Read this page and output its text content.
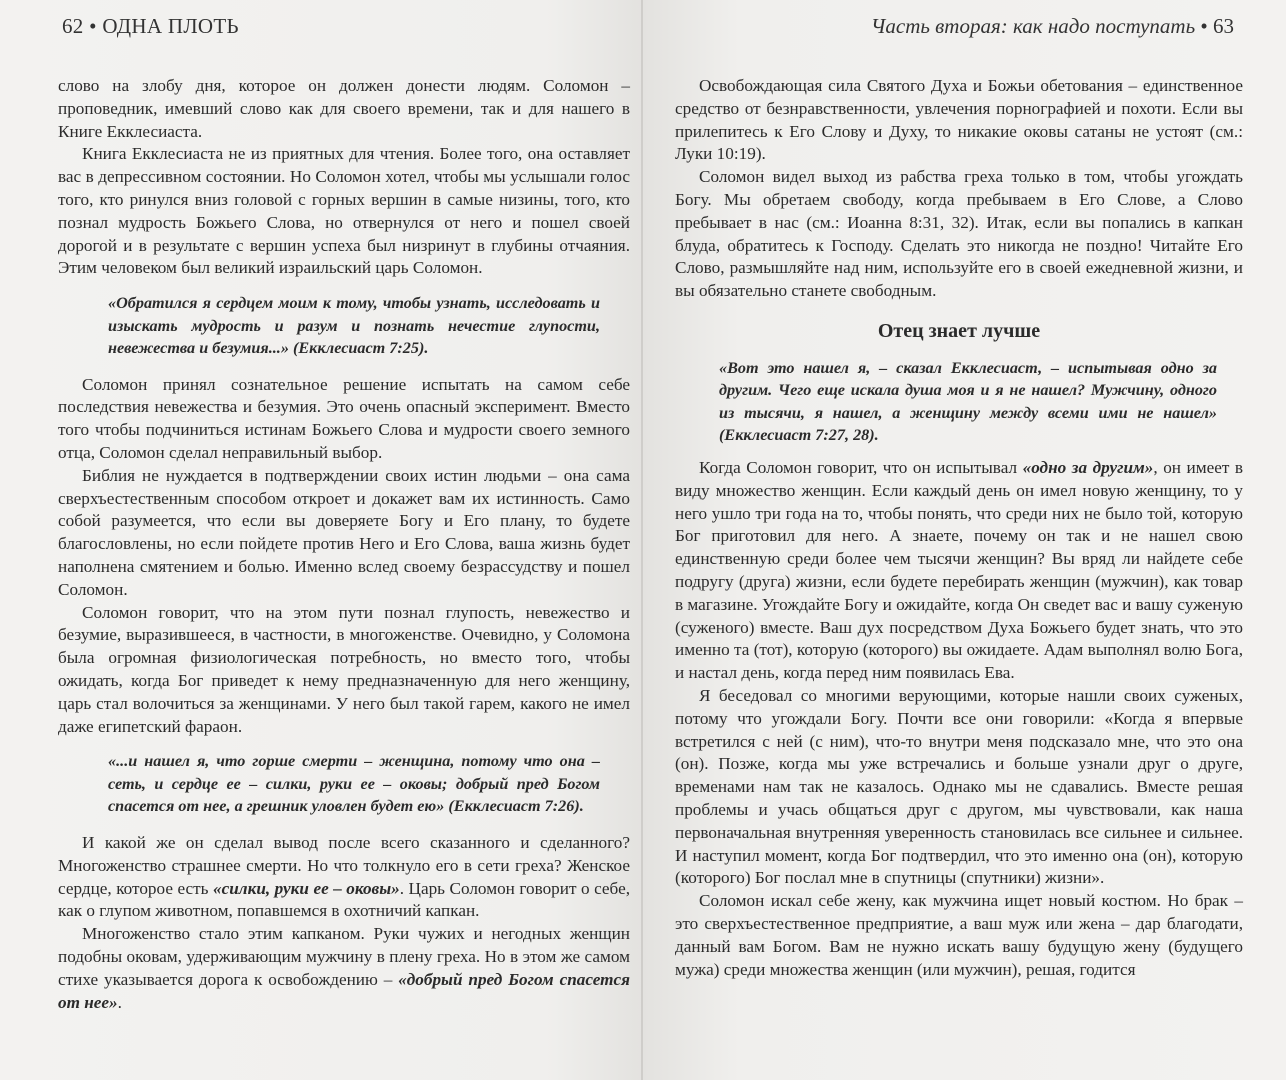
62 • ОДНА ПЛОТЬ

слово на злобу дня, которое он должен донести людям. Соломон – проповедник, имевший слово как для своего времени, так и для нашего в Книге Екклесиаста.

Книга Екклесиаста не из приятных для чтения. Более того, она оставляет вас в депрессивном состоянии. Но Соломон хотел, чтобы мы услышали голос того, кто ринулся вниз головой с горных вершин в самые низины, того, кто познал мудрость Божьего Слова, но отвернулся от него и пошел своей дорогой и в результате с вершин успеха был низринут в глубины отчаяния. Этим человеком был великий израильский царь Соломон.

«Обратился я сердцем моим к тому, чтобы узнать, исследовать и изыскать мудрость и разум и познать нечестие глупости, невежества и безумия...» (Екклесиаст 7:25).

Соломон принял сознательное решение испытать на самом себе последствия невежества и безумия. Это очень опасный эксперимент. Вместо того чтобы подчиниться истинам Божьего Слова и мудрости своего земного отца, Соломон сделал неправильный выбор.

Библия не нуждается в подтверждении своих истин людьми – она сама сверхъестественным способом откроет и докажет вам их истинность. Само собой разумеется, что если вы доверяете Богу и Его плану, то будете благословлены, но если пойдете против Него и Его Слова, ваша жизнь будет наполнена смятением и болью. Именно вслед своему безрассудству и пошел Соломон.

Соломон говорит, что на этом пути познал глупость, невежество и безумие, выразившееся, в частности, в многоженстве. Очевидно, у Соломона была огромная физиологическая потребность, но вместо того, чтобы ожидать, когда Бог приведет к нему предназначенную для него женщину, царь стал волочиться за женщинами. У него был такой гарем, какого не имел даже египетский фараон.

«...и нашел я, что горше смерти – женщина, потому что она – сеть, и сердце ее – силки, руки ее – оковы; добрый пред Богом спасется от нее, а грешник уловлен будет ею» (Екклесиаст 7:26).

И какой же он сделал вывод после всего сказанного и сделанного? Многоженство страшнее смерти. Но что толкнуло его в сети греха? Женское сердце, которое есть «силки, руки ее – оковы». Царь Соломон говорит о себе, как о глупом животном, попавшемся в охотничий капкан.

Многоженство стало этим капканом. Руки чужих и негодных женщин подобны оковам, удерживающим мужчину в плену греха. Но в этом же самом стихе указывается дорога к освобождению – «добрый пред Богом спасется от нее».

Часть вторая: как надо поступать • 63

Освобождающая сила Святого Духа и Божьи обетования – единственное средство от безнравственности, увлечения порнографией и похоти. Если вы прилепитесь к Его Слову и Духу, то никакие оковы сатаны не устоят (см.: Луки 10:19).

Соломон видел выход из рабства греха только в том, чтобы угождать Богу. Мы обретаем свободу, когда пребываем в Его Слове, а Слово пребывает в нас (см.: Иоанна 8:31, 32). Итак, если вы попались в капкан блуда, обратитесь к Господу. Сделать это никогда не поздно! Читайте Его Слово, размышляйте над ним, используйте его в своей ежедневной жизни, и вы обязательно станете свободным.

Отец знает лучше
«Вот это нашел я, – сказал Екклесиаст, – испытывая одно за другим. Чего еще искала душа моя и я не нашел? Мужчину, одного из тысячи, я нашел, а женщину между всеми ими не нашел» (Екклесиаст 7:27, 28).

Когда Соломон говорит, что он испытывал «одно за другим», он имеет в виду множество женщин. Если каждый день он имел новую женщину, то у него ушло три года на то, чтобы понять, что среди них не было той, которую Бог приготовил для него. А знаете, почему он так и не нашел свою единственную среди более чем тысячи женщин? Вы вряд ли найдете себе подругу (друга) жизни, если будете перебирать женщин (мужчин), как товар в магазине. Угождайте Богу и ожидайте, когда Он сведет вас и вашу суженую (суженого) вместе. Ваш дух посредством Духа Божьего будет знать, что это именно та (тот), которую (которого) вы ожидаете. Адам выполнял волю Бога, и настал день, когда перед ним появилась Ева.

Я беседовал со многими верующими, которые нашли своих суженых, потому что угождали Богу. Почти все они говорили: «Когда я впервые встретился с ней (с ним), что-то внутри меня подсказало мне, что это она (он). Позже, когда мы уже встречались и больше узнали друг о друге, временами нам так не казалось. Однако мы не сдавались. Вместе решая проблемы и учась общаться друг с другом, мы чувствовали, как наша первоначальная внутренняя уверенность становилась все сильнее и сильнее. И наступил момент, когда Бог подтвердил, что это именно она (он), которую (которого) Бог послал мне в спутницы (спутники) жизни».

Соломон искал себе жену, как мужчина ищет новый костюм. Но брак – это сверхъестественное предприятие, а ваш муж или жена – дар благодати, данный вам Богом. Вам не нужно искать вашу будущую жену (будущего мужа) среди множества женщин (или мужчин), решая, годится
